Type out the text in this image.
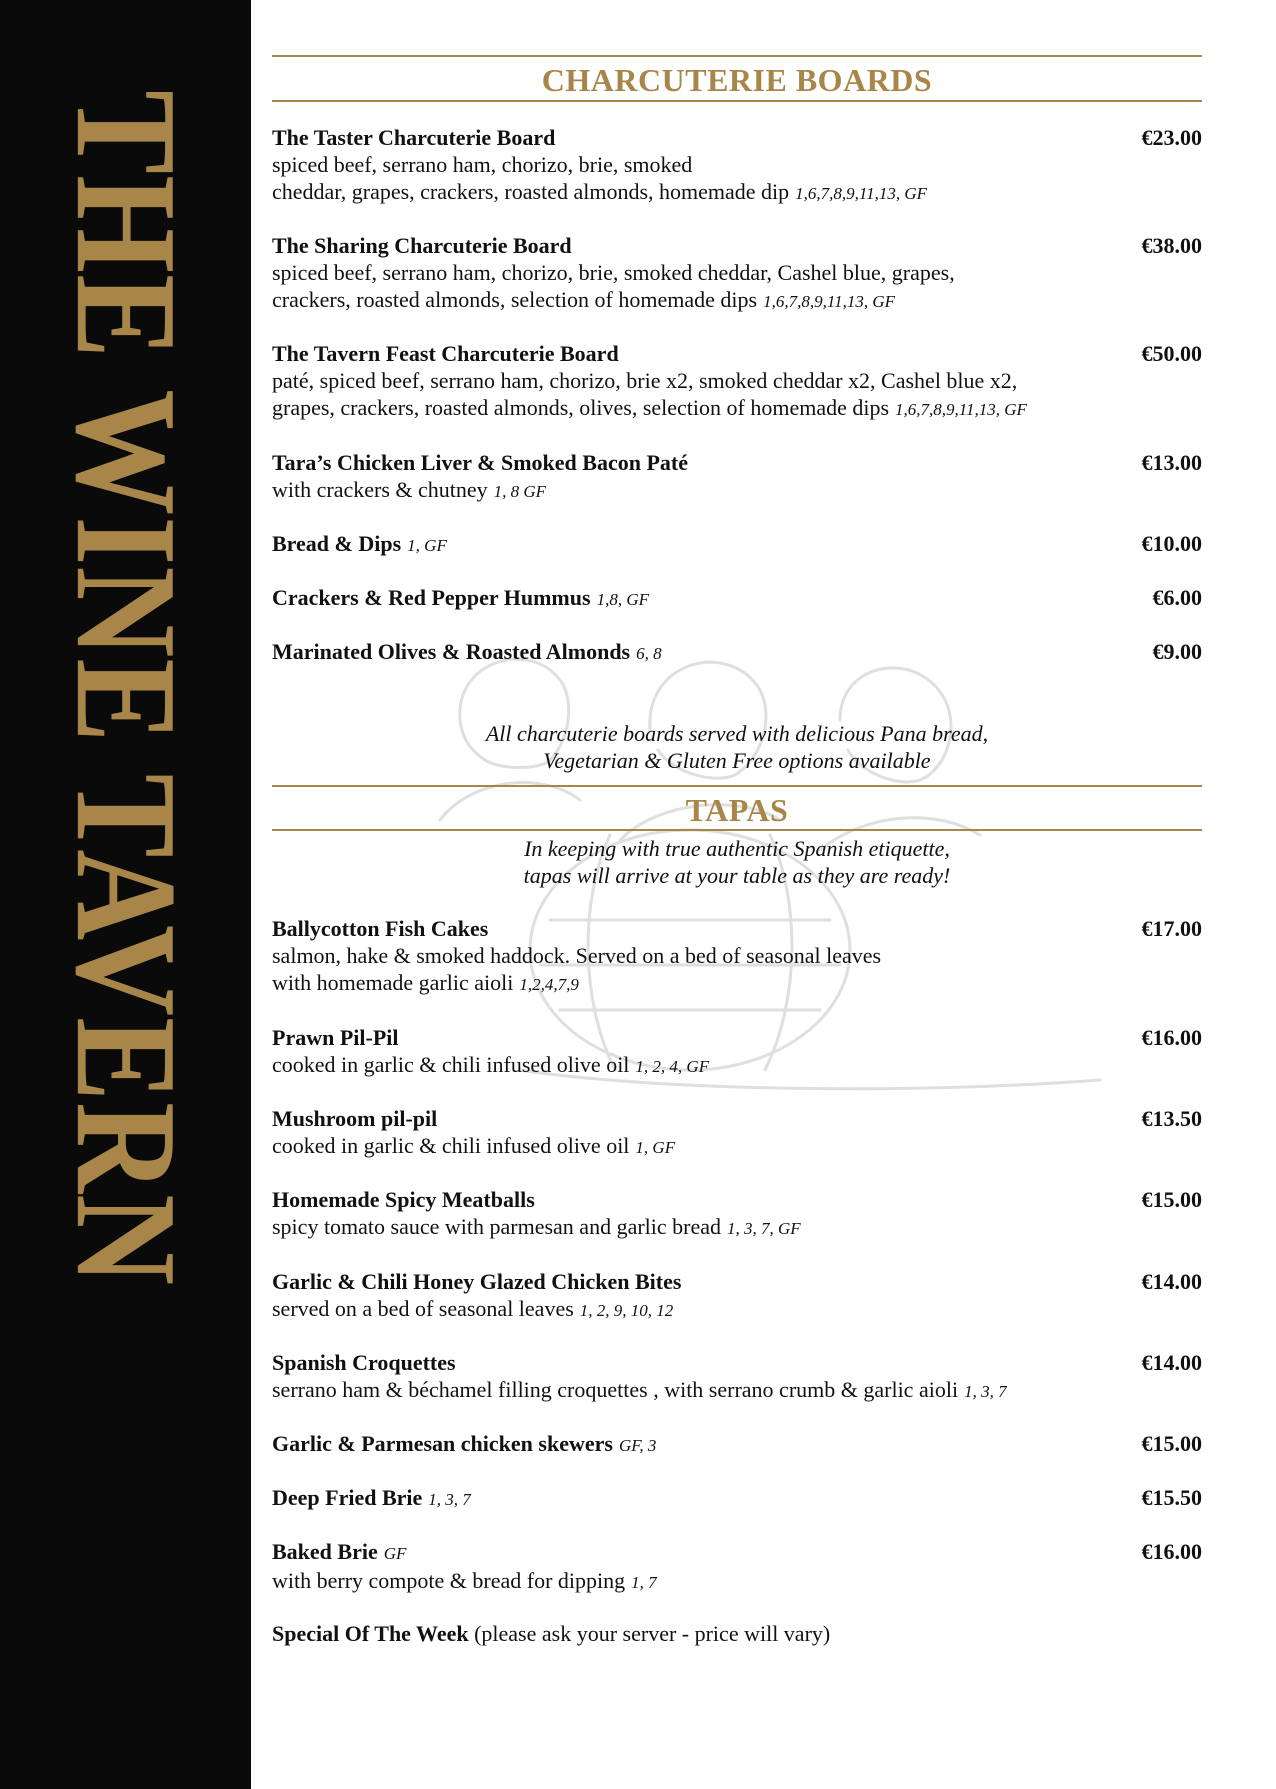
THE WINE TAVERN
CHARCUTERIE BOARDS
The Taster Charcuterie Board	€23.00
spiced beef, serrano ham, chorizo, brie, smoked
cheddar, grapes, crackers, roasted almonds, homemade dip 1,6,7,8,9,11,13, GF
The Sharing Charcuterie Board	€38.00
spiced beef, serrano ham, chorizo, brie, smoked cheddar, Cashel blue, grapes,
crackers, roasted almonds, selection of homemade dips 1,6,7,8,9,11,13, GF
The Tavern Feast Charcuterie Board	€50.00
paté, spiced beef, serrano ham, chorizo, brie x2, smoked cheddar x2, Cashel blue x2,
grapes, crackers, roasted almonds, olives, selection of homemade dips 1,6,7,8,9,11,13, GF
Tara’s Chicken Liver & Smoked Bacon Paté	€13.00
with crackers & chutney 1, 8 GF
Bread & Dips 1, GF	€10.00
Crackers & Red Pepper Hummus 1,8, GF	€6.00
Marinated Olives & Roasted Almonds 6, 8	€9.00
All charcuterie boards served with delicious Pana bread,
Vegetarian & Gluten Free options available
TAPAS
In keeping with true authentic Spanish etiquette,
tapas will arrive at your table as they are ready!
Ballycotton Fish Cakes	€17.00
salmon, hake & smoked haddock. Served on a bed of seasonal leaves
with homemade garlic aioli 1,2,4,7,9
Prawn Pil-Pil	€16.00
cooked in garlic & chili infused olive oil 1, 2, 4, GF
Mushroom pil-pil	€13.50
cooked in garlic & chili infused olive oil 1, GF
Homemade Spicy Meatballs	€15.00
spicy tomato sauce with parmesan and garlic bread 1, 3, 7, GF
Garlic & Chili Honey Glazed Chicken Bites	€14.00
served on a bed of seasonal leaves 1, 2, 9, 10, 12
Spanish Croquettes	€14.00
serrano ham & béchamel filling croquettes , with serrano crumb & garlic aioli 1, 3, 7
Garlic & Parmesan chicken skewers GF, 3	€15.00
Deep Fried Brie 1, 3, 7	€15.50
Baked Brie GF	€16.00
with berry compote & bread for dipping 1, 7
Special Of The Week (please ask your server - price will vary)
